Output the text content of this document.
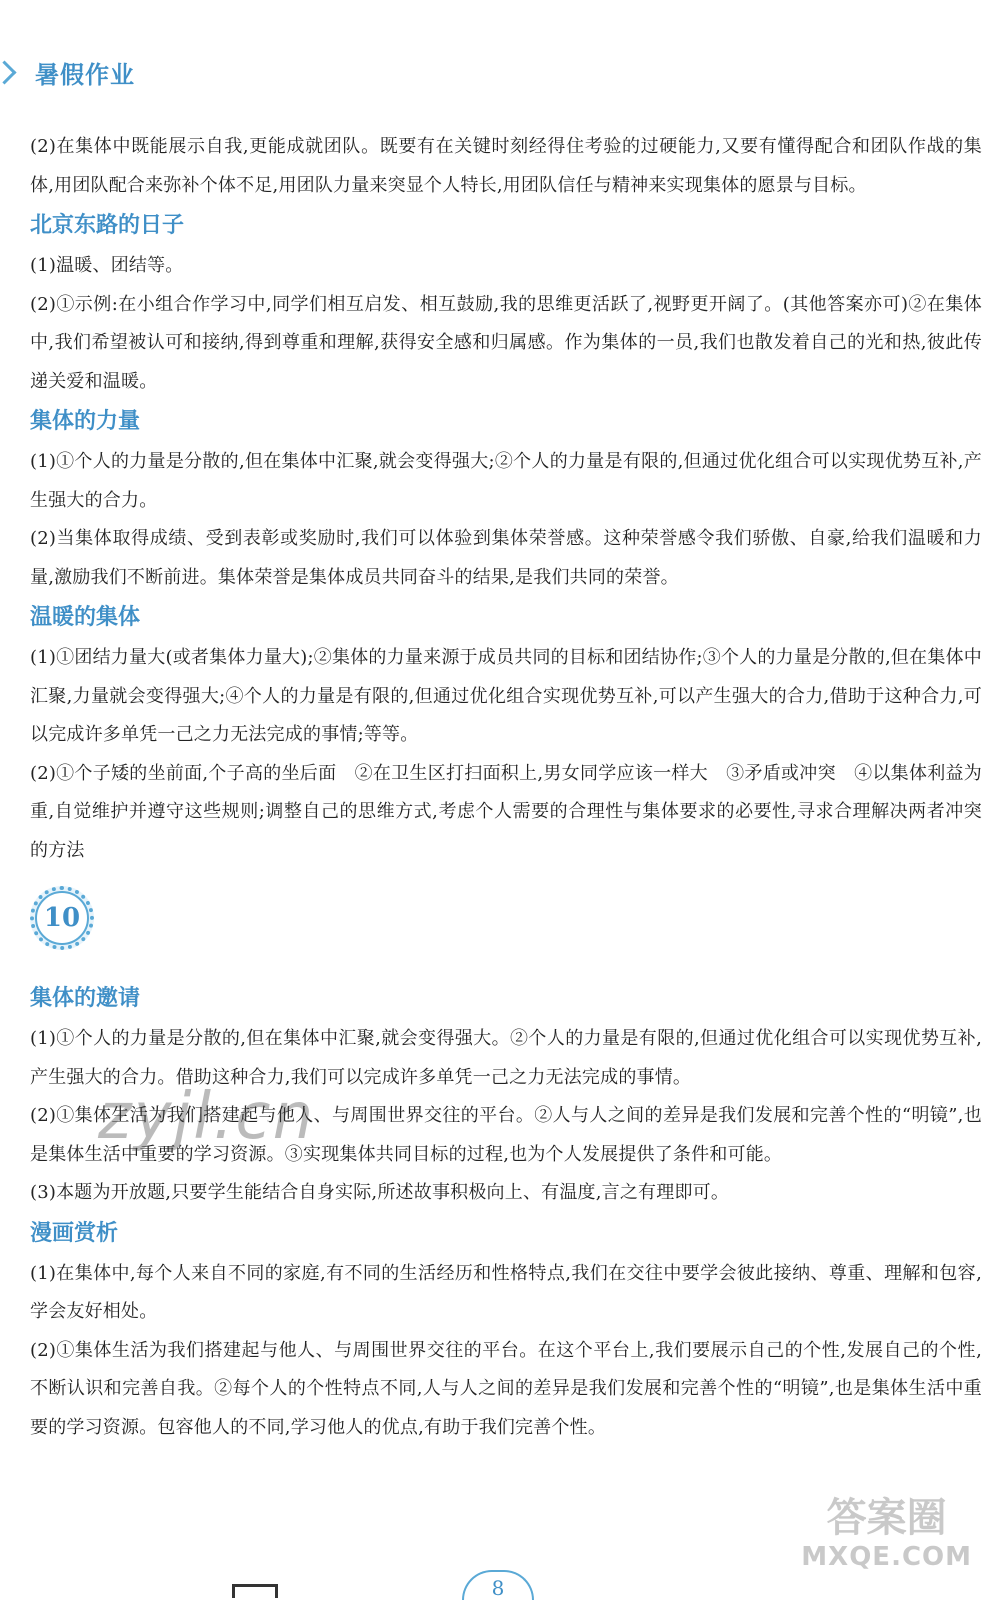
暑假作业

(2)在集体中既能展示自我,更能成就团队。既要有在关键时刻经得住考验的过硬能力,又要有懂得配合和团队作战的集体,用团队配合来弥补个体不足,用团队力量来突显个人特长,用团队信任与精神来实现集体的愿景与目标。

北京东路的日子

(1)温暖、团结等。

(2)①示例:在小组合作学习中,同学们相互启发、相互鼓励,我的思维更活跃了,视野更开阔了。(其他答案亦可)②在集体中,我们希望被认可和接纳,得到尊重和理解,获得安全感和归属感。作为集体的一员,我们也散发着自己的光和热,彼此传递关爱和温暖。

集体的力量

(1)①个人的力量是分散的,但在集体中汇聚,就会变得强大;②个人的力量是有限的,但通过优化组合可以实现优势互补,产生强大的合力。

(2)当集体取得成绩、受到表彰或奖励时,我们可以体验到集体荣誉感。这种荣誉感令我们骄傲、自豪,给我们温暖和力量,激励我们不断前进。集体荣誉是集体成员共同奋斗的结果,是我们共同的荣誉。

温暖的集体

(1)①团结力量大(或者集体力量大);②集体的力量来源于成员共同的目标和团结协作;③个人的力量是分散的,但在集体中汇聚,力量就会变得强大;④个人的力量是有限的,但通过优化组合实现优势互补,可以产生强大的合力,借助于这种合力,可以完成许多单凭一己之力无法完成的事情;等等。

(2)①个子矮的坐前面,个子高的坐后面　②在卫生区打扫面积上,男女同学应该一样大　③矛盾或冲突　④以集体利益为重,自觉维护并遵守这些规则;调整自己的思维方式,考虑个人需要的合理性与集体要求的必要性,寻求合理解决两者冲突的方法

10
集体的邀请

(1)①个人的力量是分散的,但在集体中汇聚,就会变得强大。②个人的力量是有限的,但通过优化组合可以实现优势互补,产生强大的合力。借助这种合力,我们可以完成许多单凭一己之力无法完成的事情。

(2)①集体生活为我们搭建起与他人、与周围世界交往的平台。②人与人之间的差异是我们发展和完善个性的“明镜”,也是集体生活中重要的学习资源。③实现集体共同目标的过程,也为个人发展提供了条件和可能。

(3)本题为开放题,只要学生能结合自身实际,所述故事积极向上、有温度,言之有理即可。

漫画赏析

(1)在集体中,每个人来自不同的家庭,有不同的生活经历和性格特点,我们在交往中要学会彼此接纳、尊重、理解和包容,学会友好相处。

(2)①集体生活为我们搭建起与他人、与周围世界交往的平台。在这个平台上,我们要展示自己的个性,发展自己的个性,不断认识和完善自我。②每个人的个性特点不同,人与人之间的差异是我们发展和完善个性的“明镜”,也是集体生活中重要的学习资源。包容他人的不同,学习他人的优点,有助于我们完善个性。

zyjl.cn
答案圈
MXQE.COM
8
